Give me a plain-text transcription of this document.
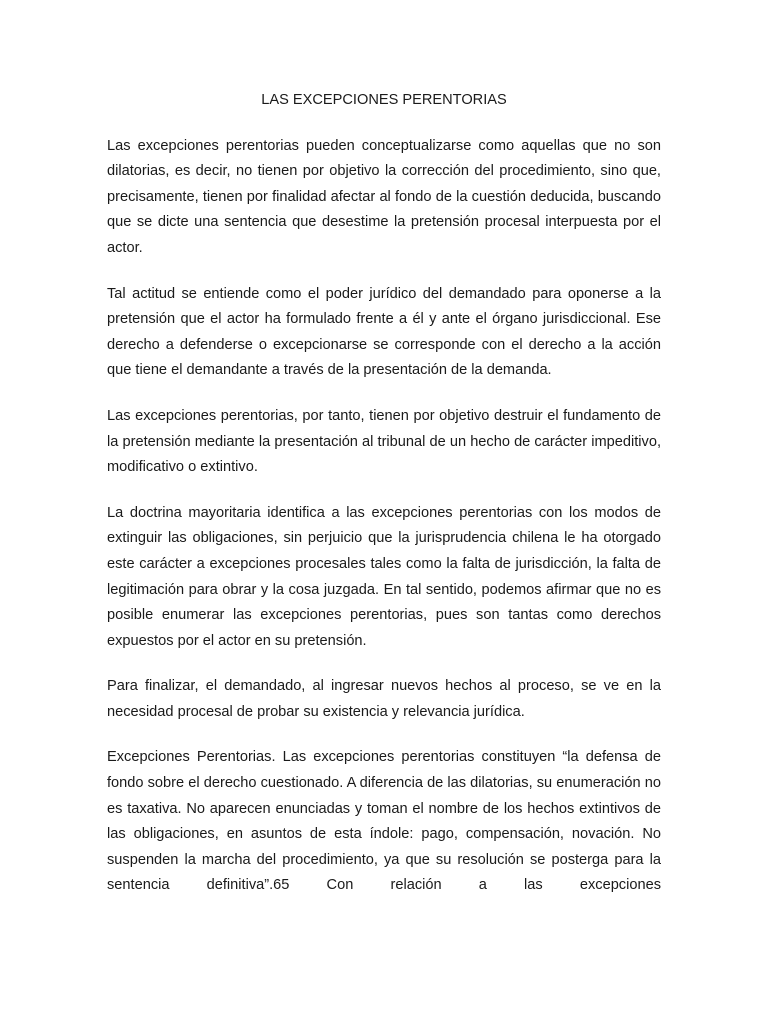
LAS EXCEPCIONES PERENTORIAS

Las excepciones perentorias pueden conceptualizarse como aquellas que no son dilatorias, es decir, no tienen por objetivo la corrección del procedimiento, sino que, precisamente, tienen por finalidad afectar al fondo de la cuestión deducida, buscando que se dicte una sentencia que desestime la pretensión procesal interpuesta por el actor.

Tal actitud se entiende como el poder jurídico del demandado para oponerse a la pretensión que el actor ha formulado frente a él y ante el órgano jurisdiccional. Ese derecho a defenderse o excepcionarse se corresponde con el derecho a la acción que tiene el demandante a través de la presentación de la demanda.

Las excepciones perentorias, por tanto, tienen por objetivo destruir el fundamento de la pretensión mediante la presentación al tribunal de un hecho de carácter impeditivo, modificativo o extintivo.

La doctrina mayoritaria identifica a las excepciones perentorias con los modos de extinguir las obligaciones, sin perjuicio que la jurisprudencia chilena le ha otorgado este carácter a excepciones procesales tales como la falta de jurisdicción, la falta de legitimación para obrar y la cosa juzgada. En tal sentido, podemos afirmar que no es posible enumerar las excepciones perentorias, pues son tantas como derechos expuestos por el actor en su pretensión.

Para finalizar, el demandado, al ingresar nuevos hechos al proceso, se ve en la necesidad procesal de probar su existencia y relevancia jurídica.

Excepciones Perentorias. Las excepciones perentorias constituyen “la defensa de fondo sobre el derecho cuestionado. A diferencia de las dilatorias, su enumeración no es taxativa. No aparecen enunciadas y toman el nombre de los hechos extintivos de las obligaciones, en asuntos de esta índole: pago, compensación, novación. No suspenden la marcha del procedimiento, ya que su resolución se posterga para la sentencia definitiva”.65 Con relación a las excepciones
